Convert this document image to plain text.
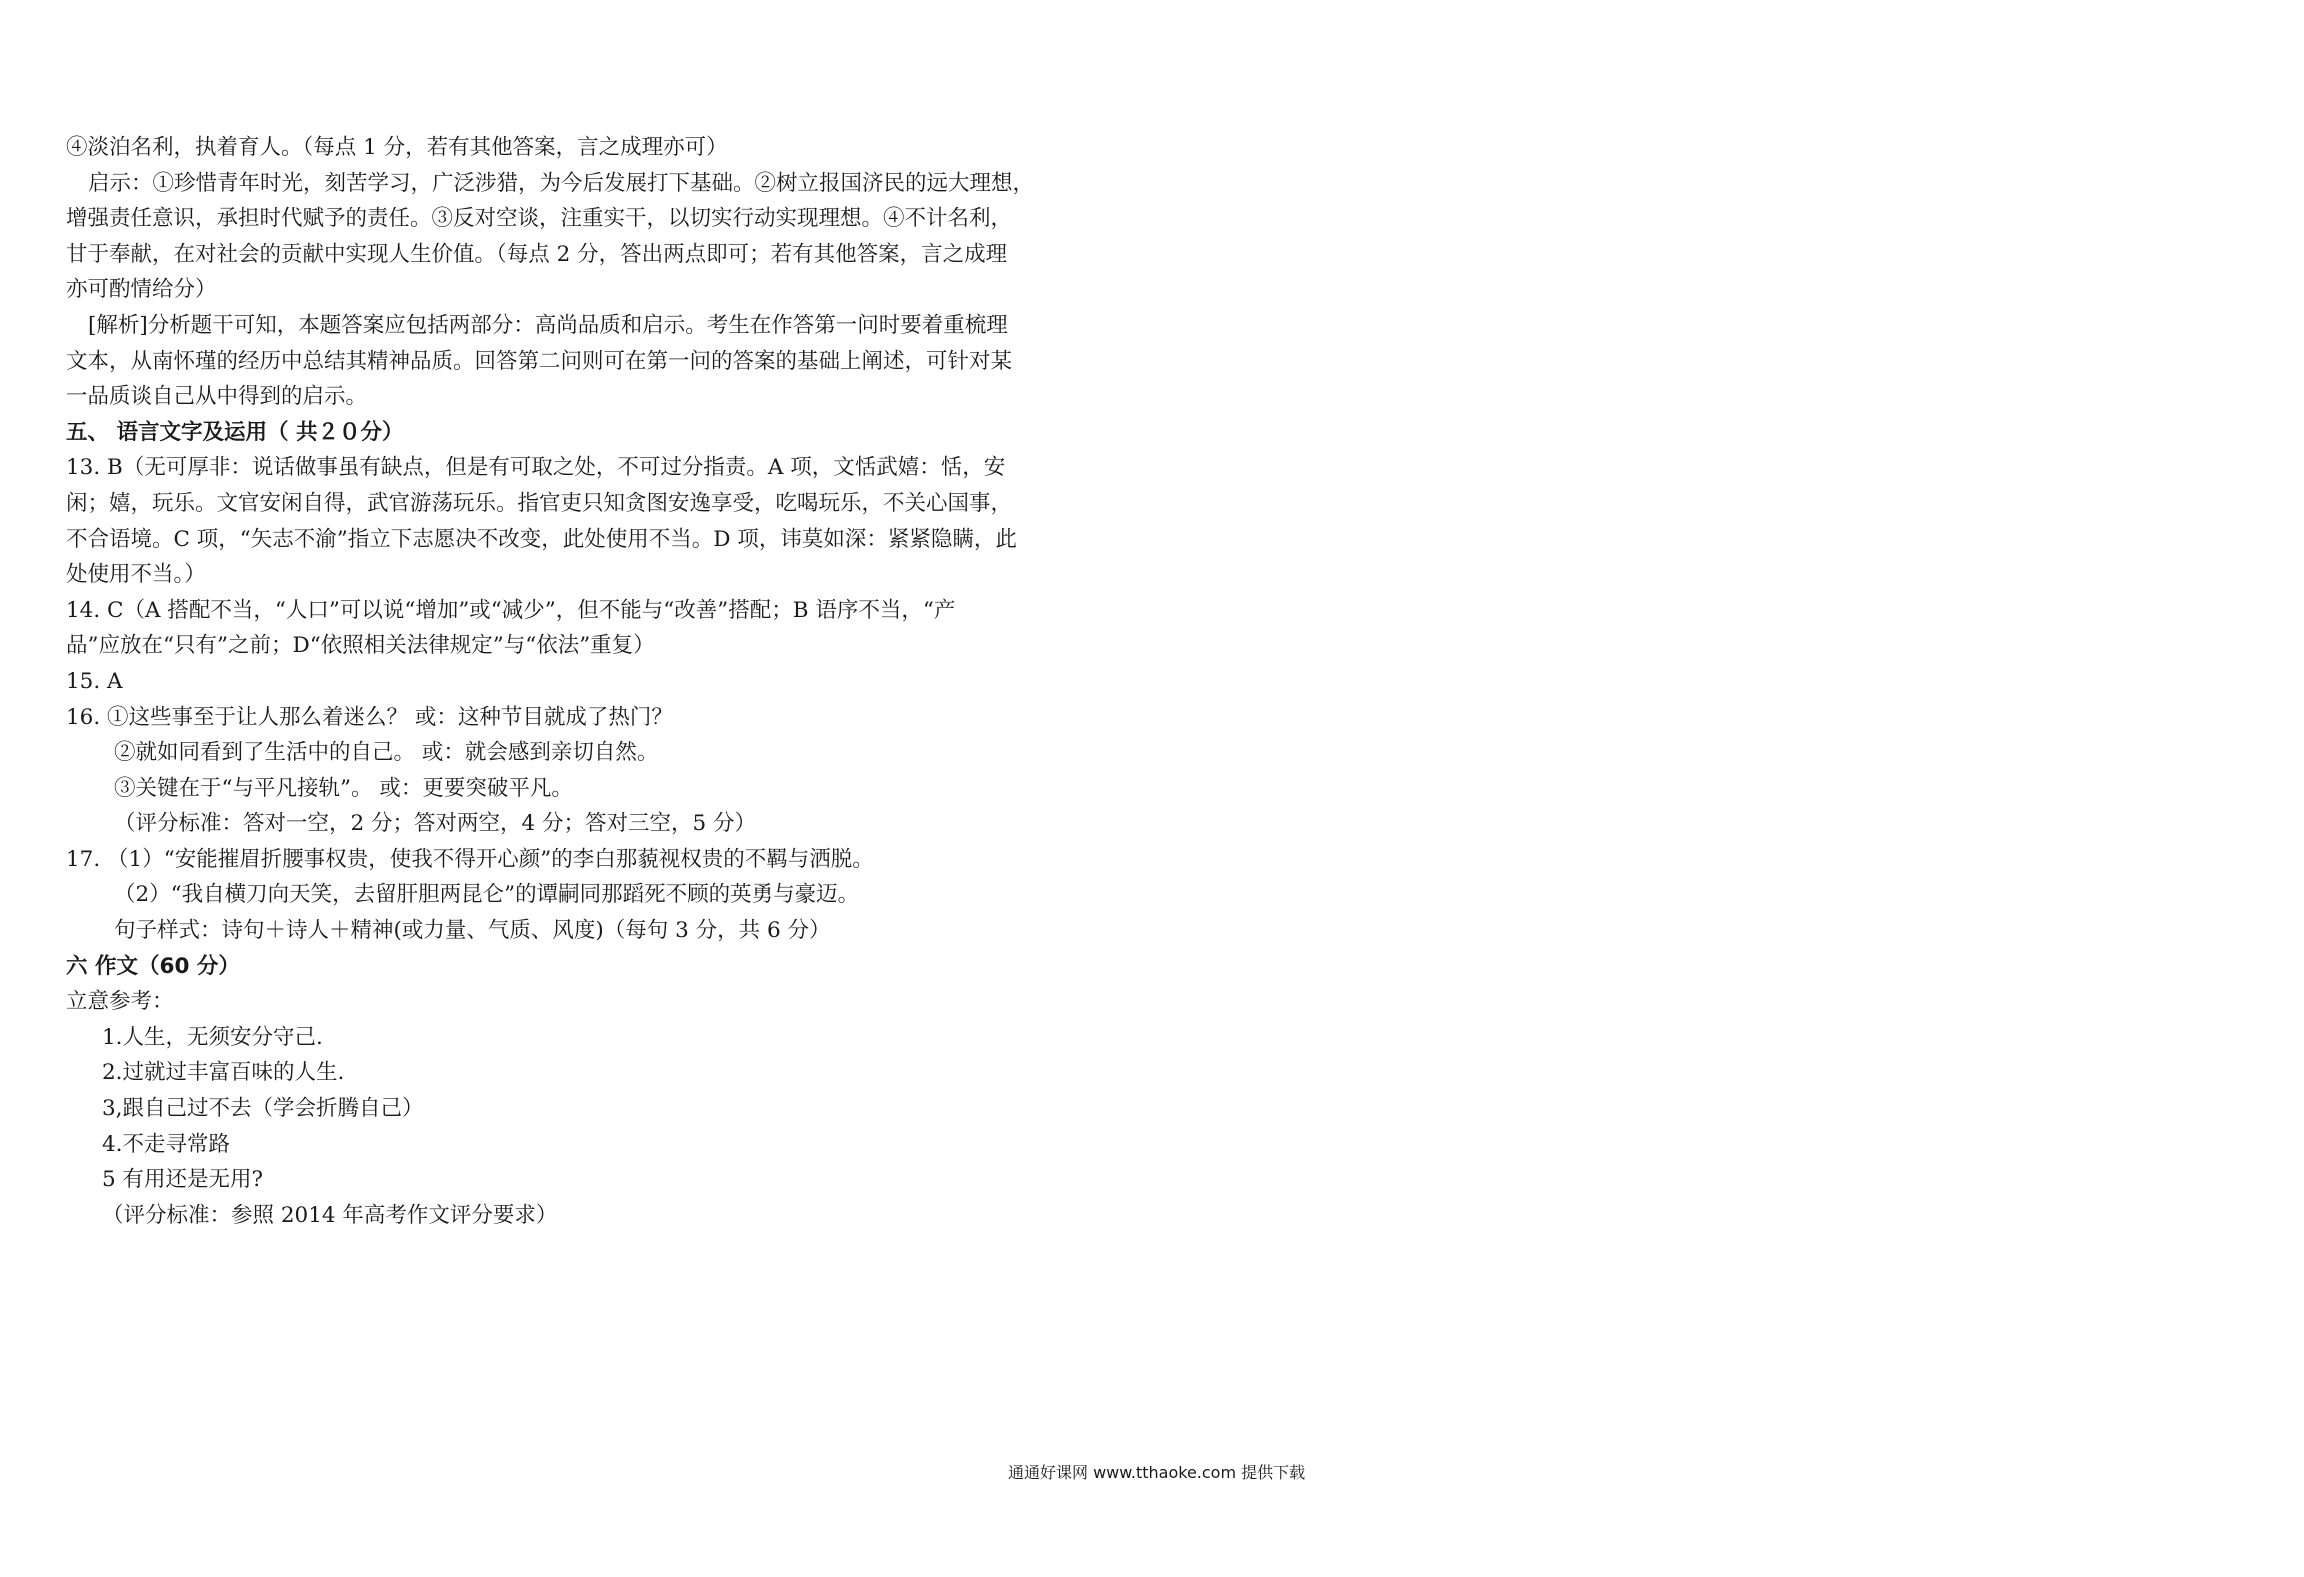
④淡泊名利，执着育人。（每点 1 分，若有其他答案，言之成理亦可）
启示：①珍惜青年时光，刻苦学习，广泛涉猎，为今后发展打下基础。②树立报国济民的远大理想，
增强责任意识，承担时代赋予的责任。③反对空谈，注重实干，以切实行动实现理想。④不计名利，
甘于奉献，在对社会的贡献中实现人生价值。（每点 2 分，答出两点即可；若有其他答案，言之成理
亦可酌情给分）
[解析]分析题干可知，本题答案应包括两部分：高尚品质和启示。考生在作答第一问时要着重梳理
文本，从南怀瑾的经历中总结其精神品质。回答第二问则可在第一问的答案的基础上阐述，可针对某
一品质谈自己从中得到的启示。
五、 语言文字及运用（ 共２０分）
13. B（无可厚非：说话做事虽有缺点，但是有可取之处，不可过分指责。A 项，文恬武嬉：恬，安
闲；嬉，玩乐。文官安闲自得，武官游荡玩乐。指官吏只知贪图安逸享受，吃喝玩乐，不关心国事，
不合语境。C 项，“矢志不渝”指立下志愿决不改变，此处使用不当。D 项，讳莫如深：紧紧隐瞒，此
处使用不当。）
14. C（A 搭配不当，“人口”可以说“增加”或“减少”，但不能与“改善”搭配；B 语序不当，“产
品”应放在“只有”之前；D“依照相关法律规定”与“依法”重复）
15. A
16. ①这些事至于让人那么着迷么？ 或：这种节目就成了热门？
②就如同看到了生活中的自己。 或：就会感到亲切自然。
③关键在于“与平凡接轨”。 或：更要突破平凡。
（评分标准：答对一空，2 分；答对两空，4 分；答对三空，5 分）
17. （1）“安能摧眉折腰事权贵，使我不得开心颜”的李白那藐视权贵的不羁与洒脱。
（2）“我自横刀向天笑，去留肝胆两昆仑”的谭嗣同那蹈死不顾的英勇与豪迈。
句子样式：诗句＋诗人＋精神(或力量、气质、风度)（每句 3 分，共 6 分）
六 作文（60 分）
立意参考：
1.人生，无须安分守己.
2.过就过丰富百味的人生.
3,跟自己过不去（学会折腾自己）
4.不走寻常路
5 有用还是无用?
（评分标准：参照 2014 年高考作文评分要求）
通通好课网 www.tthaoke.com 提供下载
